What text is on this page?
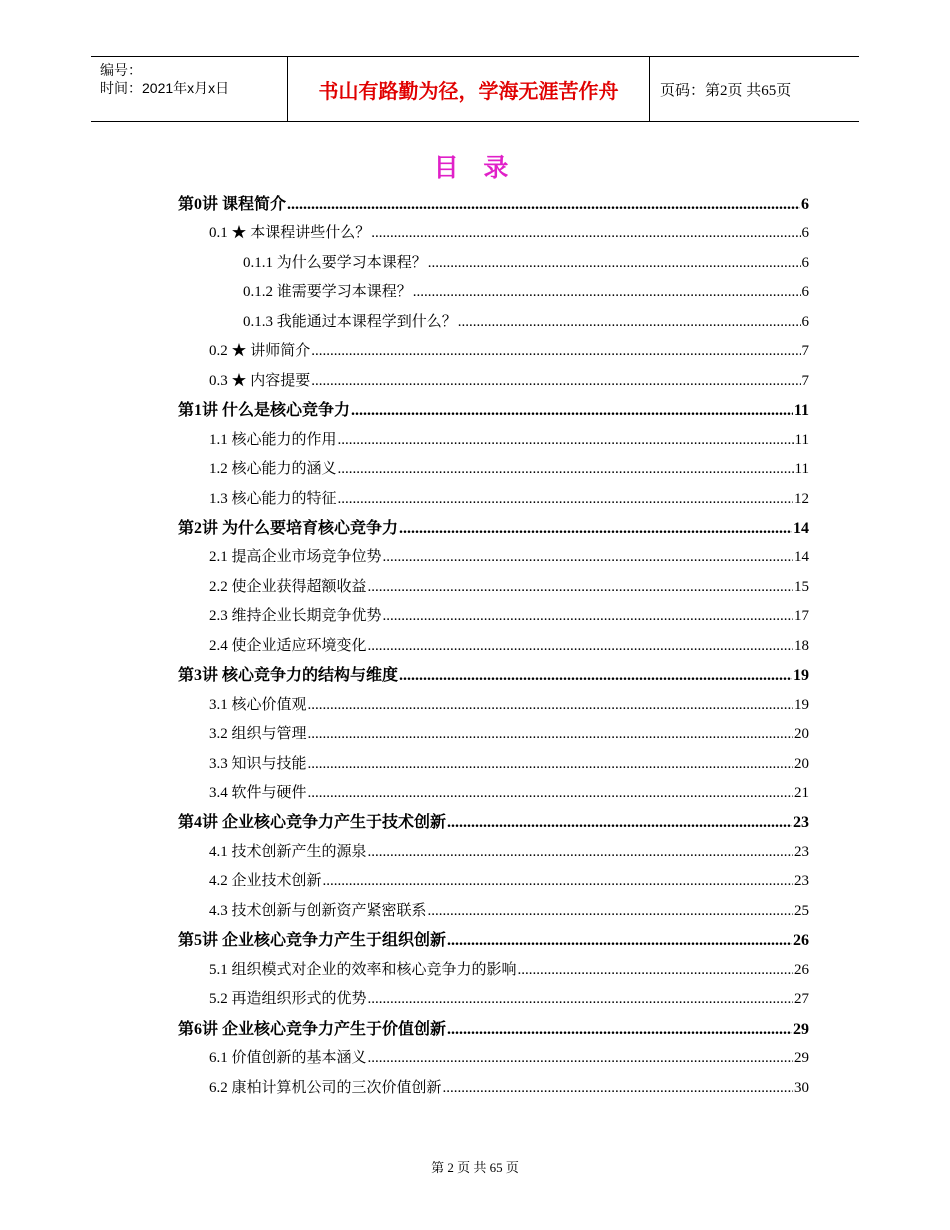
编号：
时间：2021年x月x日	书山有路勤为径，学海无涯苦作舟	页码：第2页 共65页
目 录
第0讲 课程简介 .....	6
0.1 ★ 本课程讲些什么？ .....	6
0.1.1 为什么要学习本课程？ .....	6
0.1.2 谁需要学习本课程？ .....	6
0.1.3 我能通过本课程学到什么？ .....	6
0.2 ★ 讲师简介 .....	7
0.3 ★ 内容提要 .....	7
第1讲 什么是核心竞争力 .....	11
1.1 核心能力的作用 .....	11
1.2 核心能力的涵义 .....	11
1.3 核心能力的特征 .....	12
第2讲 为什么要培育核心竞争力 .....	14
2.1 提高企业市场竞争位势 .....	14
2.2 使企业获得超额收益 .....	15
2.3 维持企业长期竞争优势 .....	17
2.4 使企业适应环境变化 .....	18
第3讲 核心竞争力的结构与维度 .....	19
3.1 核心价值观 .....	19
3.2 组织与管理 .....	20
3.3 知识与技能 .....	20
3.4 软件与硬件 .....	21
第4讲 企业核心竞争力产生于技术创新 .....	23
4.1 技术创新产生的源泉 .....	23
4.2 企业技术创新 .....	23
4.3 技术创新与创新资产紧密联系 .....	25
第5讲 企业核心竞争力产生于组织创新 .....	26
5.1 组织模式对企业的效率和核心竞争力的影响 .....	26
5.2 再造组织形式的优势 .....	27
第6讲 企业核心竞争力产生于价值创新 .....	29
6.1 价值创新的基本涵义 .....	29
6.2 康柏计算机公司的三次价值创新 .....	30
第 2 页 共 65 页
